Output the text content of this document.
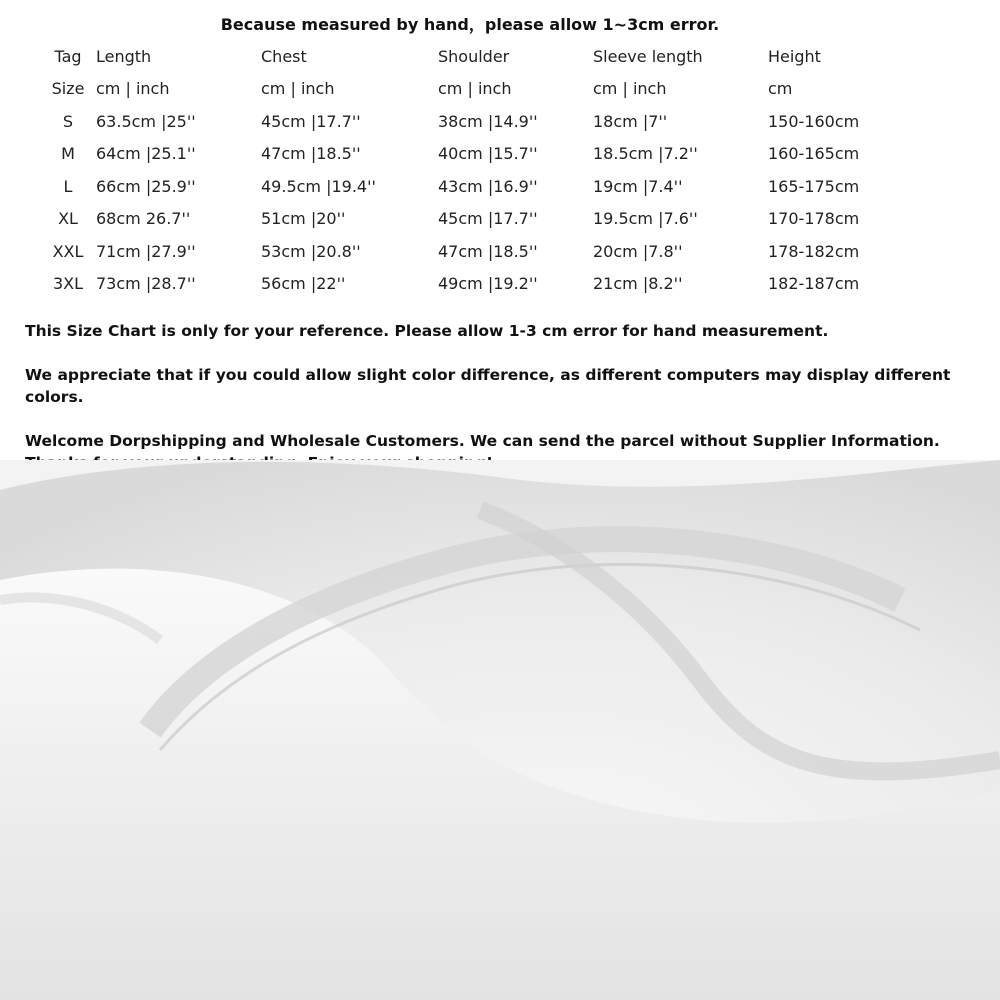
Because measured by hand，please allow 1~3cm error.
Tag	Length	Chest	Shoulder	Sleeve length	Height
Size	cm | inch	cm | inch	cm | inch	cm | inch	cm
S	63.5cm |25''	45cm |17.7''	38cm |14.9''	18cm |7''	150-160cm
M	64cm |25.1''	47cm |18.5''	40cm |15.7''	18.5cm |7.2''	160-165cm
L	66cm |25.9''	49.5cm |19.4''	43cm |16.9''	19cm |7.4''	165-175cm
XL	68cm 26.7''	51cm |20''	45cm |17.7''	19.5cm |7.6''	170-178cm
XXL	71cm |27.9''	53cm |20.8''	47cm |18.5''	20cm |7.8''	178-182cm
3XL	73cm |28.7''	56cm |22''	49cm |19.2''	21cm |8.2''	182-187cm

This Size Chart is only for your reference. Please allow 1-3 cm error for hand measurement.

We appreciate that if you could allow slight color difference, as different computers may display different colors.

Welcome Dorpshipping and Wholesale Customers. We can send the parcel without Supplier Information.
